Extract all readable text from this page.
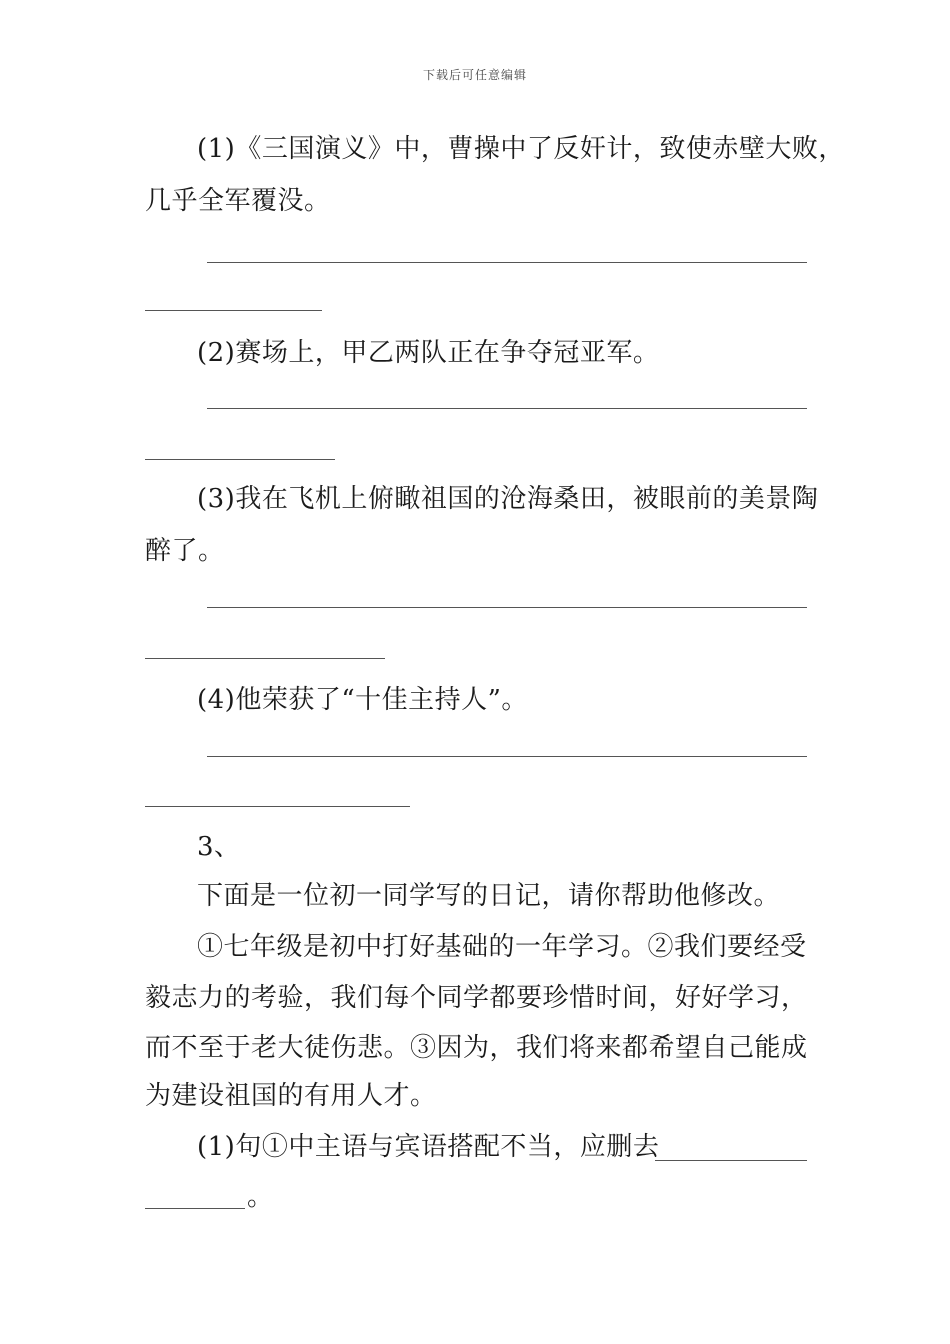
下载后可任意编辑
(1)《三国演义》中，曹操中了反奸计，致使赤壁大败，
几乎全军覆没。
(2)赛场上，甲乙两队正在争夺冠亚军。
(3)我在飞机上俯瞰祖国的沧海桑田，被眼前的美景陶
醉了。
(4)他荣获了“十佳主持人”。
3、
下面是一位初一同学写的日记，请你帮助他修改。
①七年级是初中打好基础的一年学习。②我们要经受
毅志力的考验，我们每个同学都要珍惜时间，好好学习，
而不至于老大徒伤悲。③因为，我们将来都希望自己能成
为建设祖国的有用人才。
(1)句①中主语与宾语搭配不当，应删去
。
